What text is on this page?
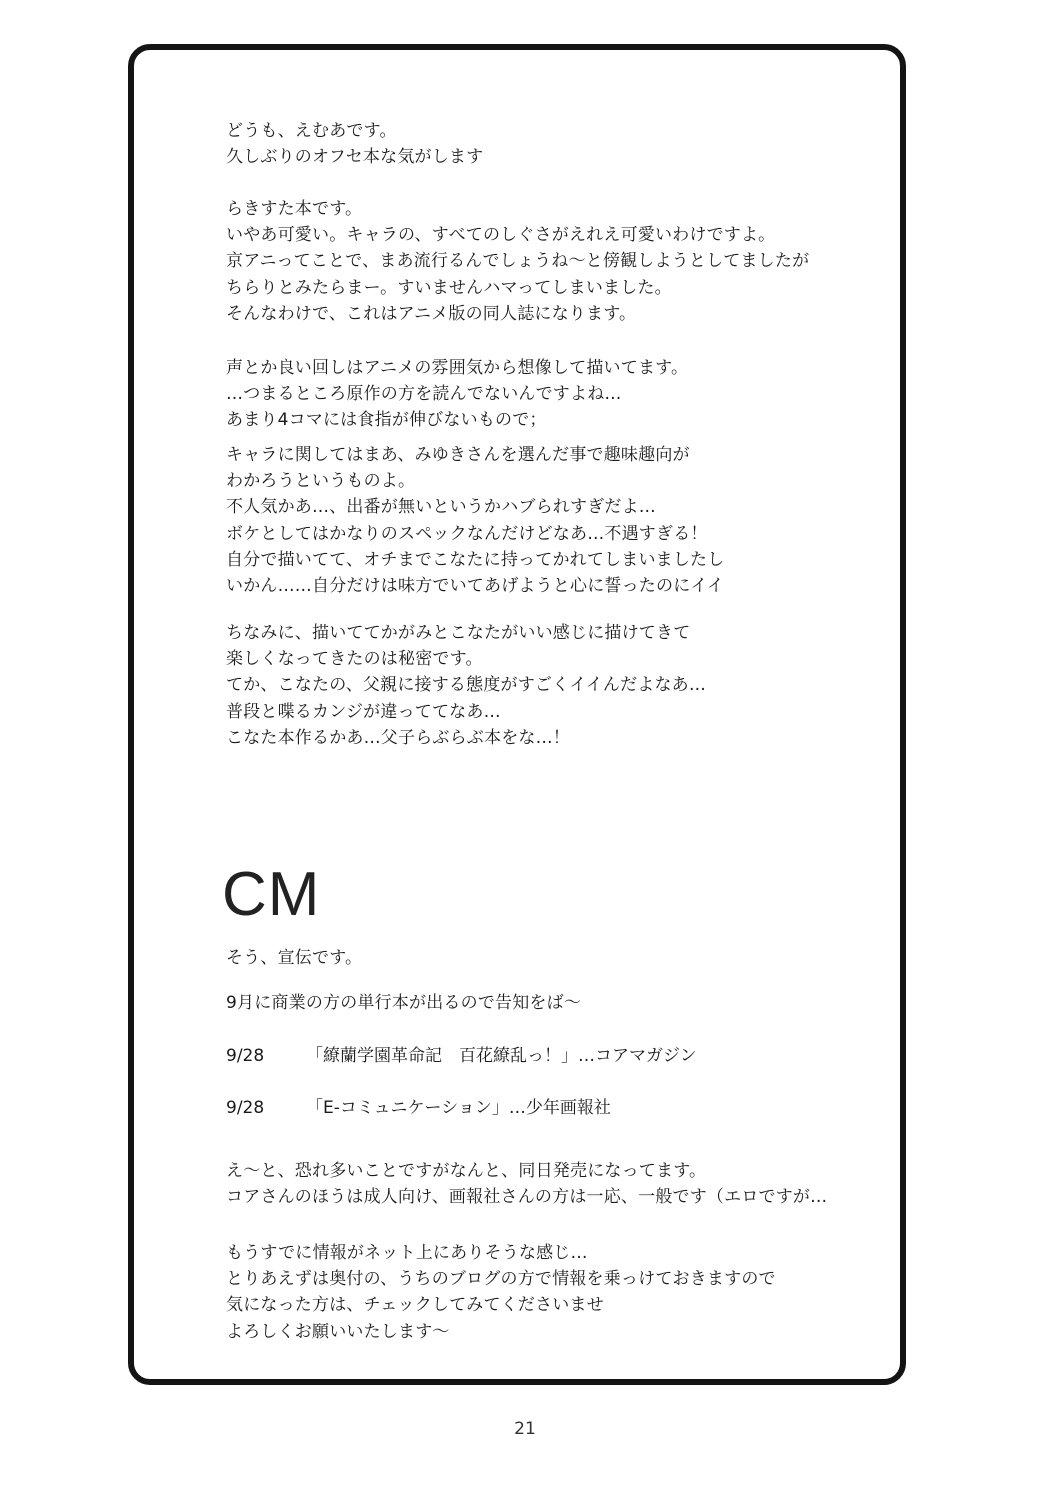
どうも、えむあです。
久しぶりのオフセ本な気がします
らきすた本です。
いやあ可愛い。キャラの、すべてのしぐさがえれえ可愛いわけですよ。
京アニってことで、まあ流行るんでしょうね～と傍観しようとしてましたが
ちらりとみたらまー。すいませんハマってしまいました。
そんなわけで、これはアニメ版の同人誌になります。
声とか良い回しはアニメの雰囲気から想像して描いてます。
…つまるところ原作の方を読んでないんですよね…
あまり4コマには食指が伸びないもので；
キャラに関してはまあ、みゆきさんを選んだ事で趣味趣向が
わかろうというものよ。
不人気かあ…、出番が無いというかハブられすぎだよ…
ボケとしてはかなりのスペックなんだけどなあ…不遇すぎる！
自分で描いてて、オチまでこなたに持ってかれてしまいましたし
いかん……自分だけは味方でいてあげようと心に誓ったのにイイ
ちなみに、描いててかがみとこなたがいい感じに描けてきて
楽しくなってきたのは秘密です。
てか、こなたの、父親に接する態度がすごくイイんだよなあ…
普段と喋るカンジが違っててなあ…
こなた本作るかあ…父子らぶらぶ本をな…！
CM
そう、宣伝です。
9月に商業の方の単行本が出るので告知をば～
9/28 「繚蘭学園革命記　百花繚乱っ！」…コアマガジン
9/28 「E-コミュニケーション」…少年画報社
え～と、恐れ多いことですがなんと、同日発売になってます。
コアさんのほうは成人向け、画報社さんの方は一応、一般です（エロですが…
もうすでに情報がネット上にありそうな感じ…
とりあえずは奥付の、うちのブログの方で情報を乗っけておきますので
気になった方は、チェックしてみてくださいませ
よろしくお願いいたします～
21
